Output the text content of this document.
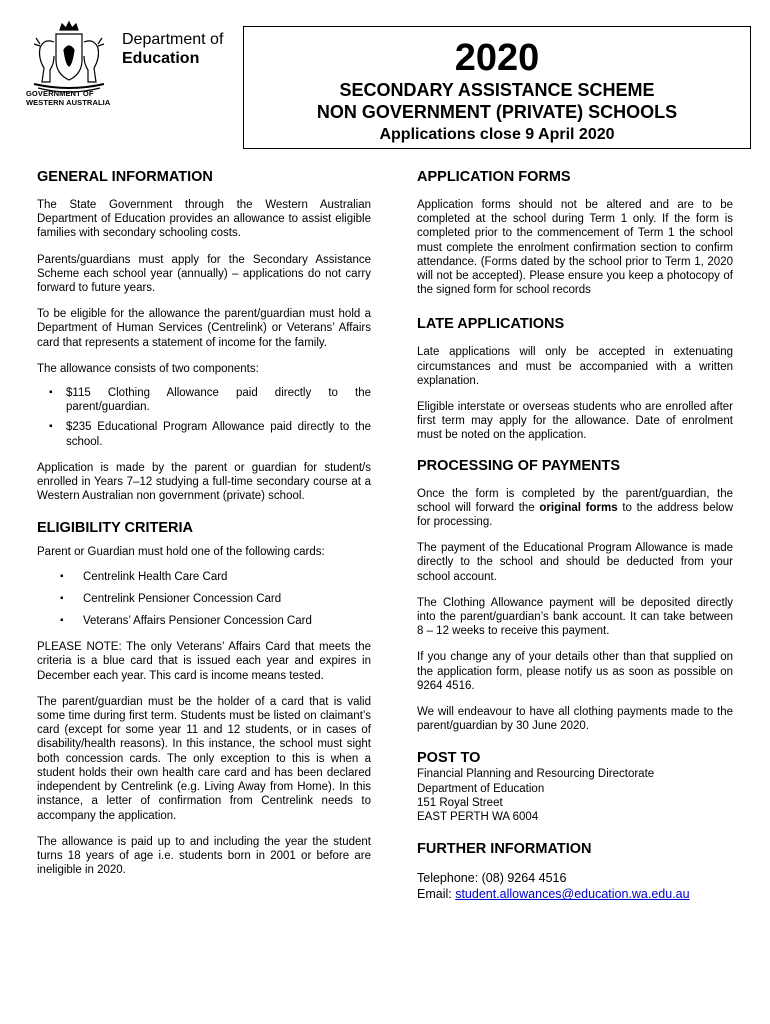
Department of
Education
GOVERNMENT OF
WESTERN AUSTRALIA
2020
SECONDARY ASSISTANCE SCHEME
NON GOVERNMENT (PRIVATE) SCHOOLS
Applications close 9 April 2020
GENERAL INFORMATION

The State Government through the Western Australian Department of Education provides an allowance to assist eligible families with secondary schooling costs.

Parents/guardians must apply for the Secondary Assistance Scheme each school year (annually) – applications do not carry forward to future years.

To be eligible for the allowance the parent/guardian must hold a Department of Human Services (Centrelink) or Veterans’ Affairs card that represents a statement of income for the family.

The allowance consists of two components:

▪ $115 Clothing Allowance paid directly to the parent/guardian.
▪ $235 Educational Program Allowance paid directly to the school.

Application is made by the parent or guardian for student/s enrolled in Years 7–12 studying a full-time secondary course at a Western Australian non government (private) school.

ELIGIBILITY CRITERIA

Parent or Guardian must hold one of the following cards:

▪ Centrelink Health Care Card
▪ Centrelink Pensioner Concession Card
▪ Veterans’ Affairs Pensioner Concession Card

PLEASE NOTE: The only Veterans’ Affairs Card that meets the criteria is a blue card that is issued each year and expires in December each year. This card is income means tested.

The parent/guardian must be the holder of a card that is valid some time during first term. Students must be listed on claimant’s card (except for some year 11 and 12 students, or in cases of disability/health reasons). In this instance, the school must sight both concession cards. The only exception to this is when a student holds their own health care card and has been declared independent by Centrelink (e.g. Living Away from Home). In this instance, a letter of confirmation from Centrelink needs to accompany the application.

The allowance is paid up to and including the year the student turns 18 years of age i.e. students born in 2001 or before are ineligible in 2020.

APPLICATION FORMS

Application forms should not be altered and are to be completed at the school during Term 1 only. If the form is completed prior to the commencement of Term 1 the school must complete the enrolment confirmation section to confirm attendance. (Forms dated by the school prior to Term 1, 2020 will not be accepted). Please ensure you keep a photocopy of the signed form for school records

LATE APPLICATIONS

Late applications will only be accepted in extenuating circumstances and must be accompanied with a written explanation.

Eligible interstate or overseas students who are enrolled after first term may apply for the allowance. Date of enrolment must be noted on the application.

PROCESSING OF PAYMENTS

Once the form is completed by the parent/guardian, the school will forward the original forms to the address below for processing.

The payment of the Educational Program Allowance is made directly to the school and should be deducted from your school account.

The Clothing Allowance payment will be deposited directly into the parent/guardian’s bank account. It can take between 8 – 12 weeks to receive this payment.

If you change any of your details other than that supplied on the application form, please notify us as soon as possible on 9264 4516.

We will endeavour to have all clothing payments made to the parent/guardian by 30 June 2020.

POST TO

Financial Planning and Resourcing Directorate

Department of Education

151 Royal Street

EAST PERTH WA 6004

FURTHER INFORMATION
Telephone: (08) 9264 4516
Email: student.allowances@education.wa.edu.au
